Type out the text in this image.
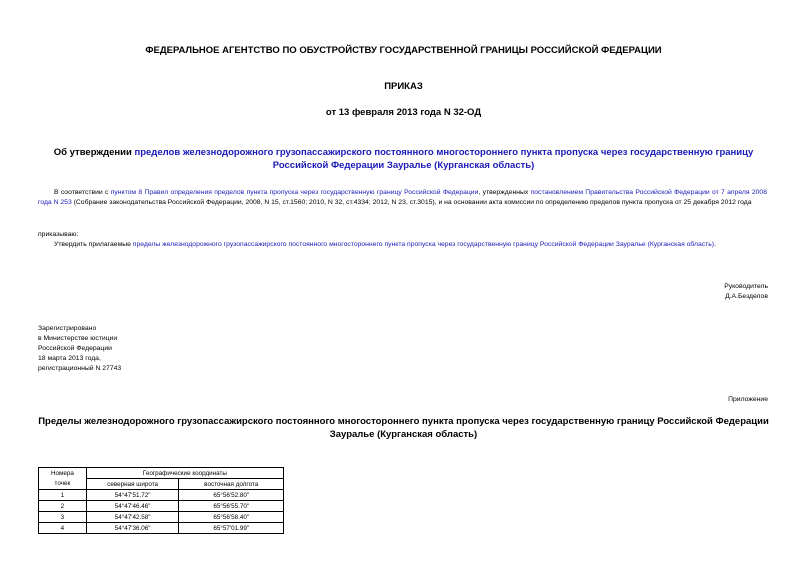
ФЕДЕРАЛЬНОЕ АГЕНТСТВО ПО ОБУСТРОЙСТВУ ГОСУДАРСТВЕННОЙ ГРАНИЦЫ РОССИЙСКОЙ ФЕДЕРАЦИИ
ПРИКАЗ
от 13 февраля 2013 года N 32-ОД
Об утверждении пределов железнодорожного грузопассажирского постоянного многостороннего пункта пропуска через государственную границу Российской Федерации Зауралье (Курганская область)
В соответствии с пунктом 8 Правил определения пределов пункта пропуска через государственную границу Российской Федерации, утвержденных постановлением Правительства Российской Федерации от 7 апреля 2008 года N 253 (Собрание законодательства Российской Федерации, 2008, N 15, ст.1560; 2010, N 32, ст.4334; 2012, N 23, ст.3015), и на основании акта комиссии по определению пределов пункта пропуска от 25 декабря 2012 года
приказываю:
Утвердить прилагаемые пределы железнодорожного грузопассажирского постоянного многостороннего пункта пропуска через государственную границу Российской Федерации Зауралье (Курганская область).
Руководитель
Д.А.Безделов
Зарегистрировано
в Министерстве юстиции
Российской Федерации
18 марта 2013 года,
регистрационный N 27743
Приложение
Пределы железнодорожного грузопассажирского постоянного многостороннего пункта пропуска через государственную границу Российской Федерации Зауралье (Курганская область)
Номера
точек	Географические координаты	
	северная широта	восточная долгота
1	54°47'51.72"	65°56'52.80"
2	54°47'46.46"	65°56'55.70"
3	54°47'42.58"	65°56'58.40"
4	54°47'36.06"	65°57'01.99"
